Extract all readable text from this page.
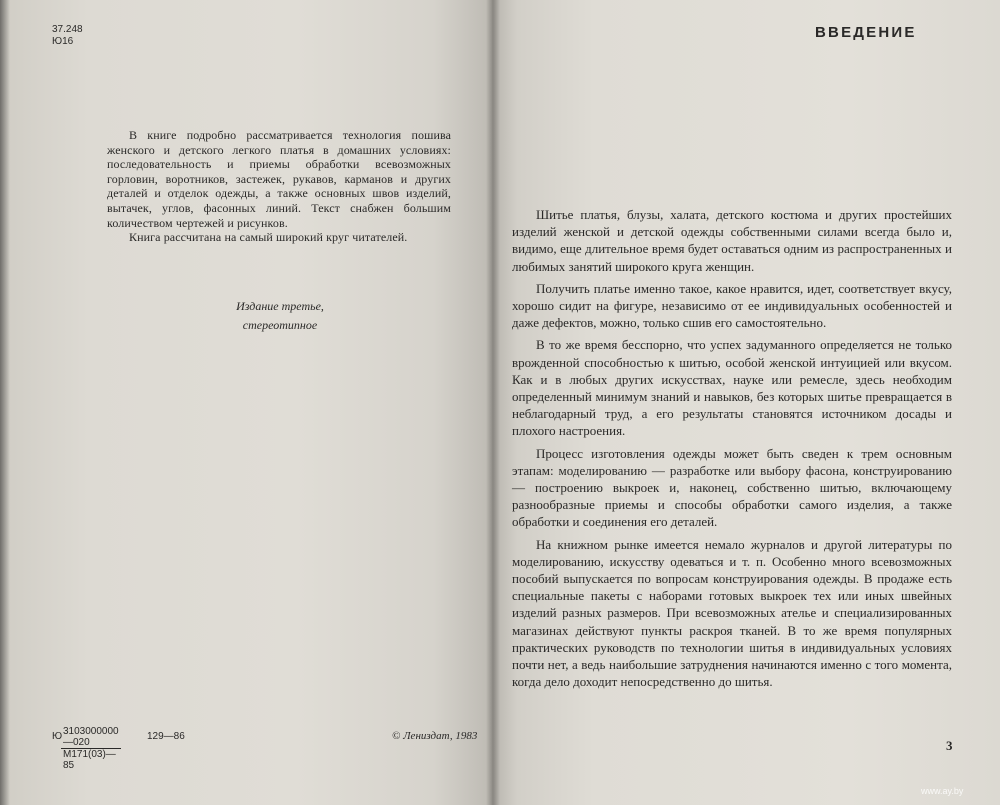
37.248
Ю16

В книге подробно рассматривается технология пошива женского и детского легкого платья в домашних условиях: последовательность и приемы обработки всевозможных горловин, воротников, застежек, рукавов, карманов и других деталей и отделок одежды, а также основных швов изделий, вытачек, углов, фасонных линий. Текст снабжен большим количеством чертежей и рисунков.

Книга рассчитана на самый широкий круг читателей.

Издание третье,
стереотипное
Ю 3103000000—020
М171(03)—85
129—86	© Лениздат, 1983
ВВЕДЕНИЕ

Шитье платья, блузы, халата, детского костюма и других простейших изделий женской и детской одежды собственными силами всегда было и, видимо, еще длительное время будет оставаться одним из распространенных и любимых занятий широкого круга женщин.

Получить платье именно такое, какое нравится, идет, соответствует вкусу, хорошо сидит на фигуре, независимо от ее индивидуальных особенностей и даже дефектов, можно, только сшив его самостоятельно.

В то же время бесспорно, что успех задуманного определяется не только врожденной способностью к шитью, особой женской интуицией или вкусом. Как и в любых других искусствах, науке или ремесле, здесь необходим определенный минимум знаний и навыков, без которых шитье превращается в неблагодарный труд, а его результаты становятся источником досады и плохого настроения.

Процесс изготовления одежды может быть сведен к трем основным этапам: моделированию — разработке или выбору фасона, конструированию — построению выкроек и, наконец, собственно шитью, включающему разнообразные приемы и способы обработки самого изделия, а также обработки и соединения его деталей.

На книжном рынке имеется немало журналов и другой литературы по моделированию, искусству одеваться и т. п. Особенно много всевозможных пособий выпускается по вопросам конструирования одежды. В продаже есть специальные пакеты с наборами готовых выкроек тех или иных швейных изделий разных размеров. При всевозможных ателье и специализированных магазинах действуют пункты раскроя тканей. В то же время популярных практических руководств по технологии шитья в индивидуальных условиях почти нет, а ведь наибольшие затруднения начинаются именно с того момента, когда дело доходит непосредственно до шитья.

3
www.ay.by
